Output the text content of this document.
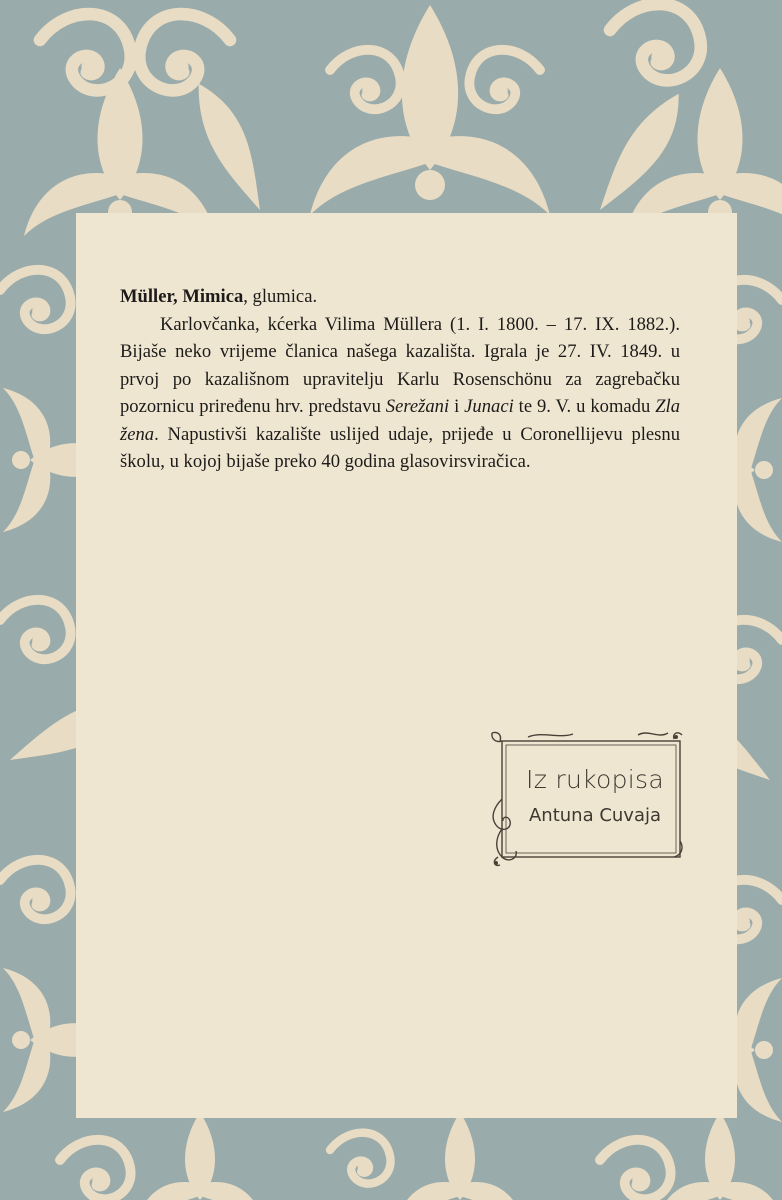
Müller, Mimica, glumica.

Karlovčanka, kćerka Vilima Müllera (1. I. 1800. – 17. IX. 1882.). Bijaše neko vrijeme članica našega kazališta. Igrala je 27. IV. 1849. u prvoj po kazališnom upravitelju Karlu Rosenschönu za zagrebačku pozornicu priređenu hrv. predstavu Serežani i Junaci te 9. V. u komadu Zla žena. Napustivši kazalište uslijed udaje, prijeđe u Coronellijevu plesnu školu, u kojoj bijaše preko 40 godina glasovirsviračica.

Iz rukopisa
Antuna Cuvaja
